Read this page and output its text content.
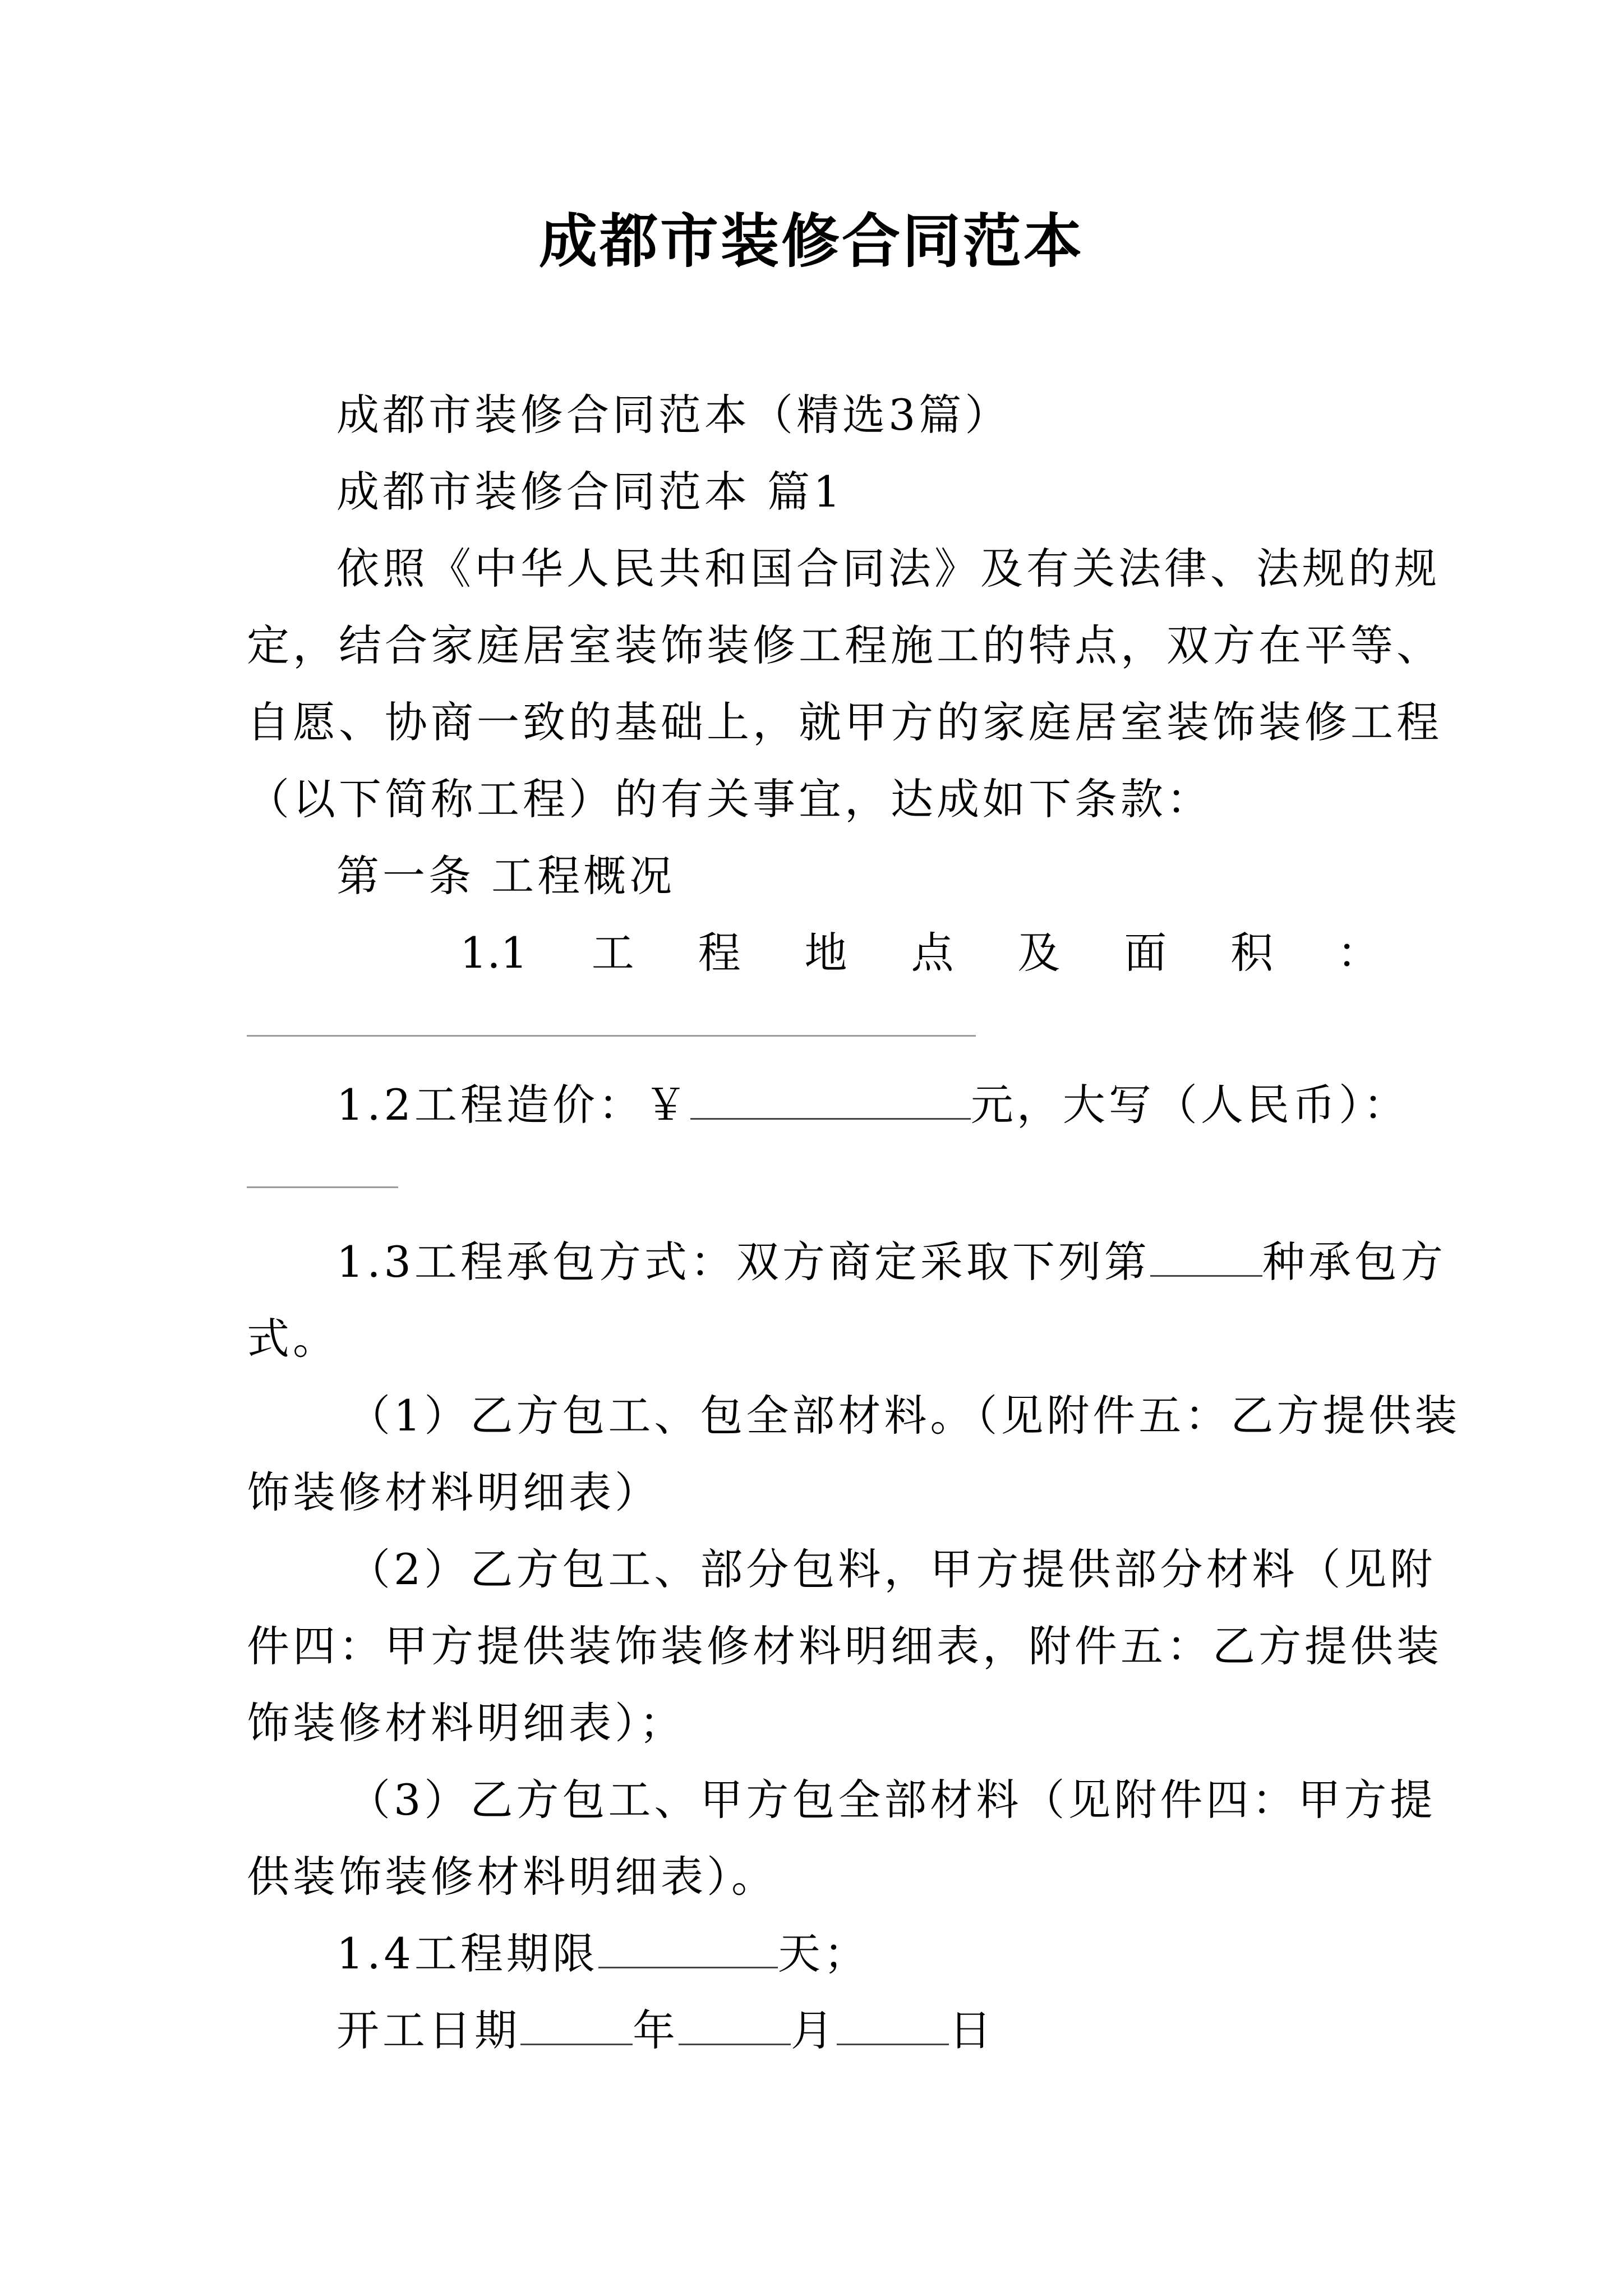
成都市装修合同范本
成都市装修合同范本（精选3篇）
成都市装修合同范本 篇1
依照《中华人民共和国合同法》及有关法律、法规的规
定，结合家庭居室装饰装修工程施工的特点，双方在平等、
自愿、协商一致的基础上，就甲方的家庭居室装饰装修工程
（以下简称工程）的有关事宜，达成如下条款：
第一条 工程概况
1.1 工 程 地 点 及 面 积 ：
1.2工程造价：￥	元，大写（人民币）：
1.3工程承包方式：双方商定采取下列第	种承包方
式。
（1）乙方包工、包全部材料。（见附件五：乙方提供装
饰装修材料明细表）
（2）乙方包工、部分包料，甲方提供部分材料（见附
件四：甲方提供装饰装修材料明细表，附件五：乙方提供装
饰装修材料明细表）；
（3）乙方包工、甲方包全部材料（见附件四：甲方提
供装饰装修材料明细表）。
1.4工程期限	天；
开工日期	年	月	日
